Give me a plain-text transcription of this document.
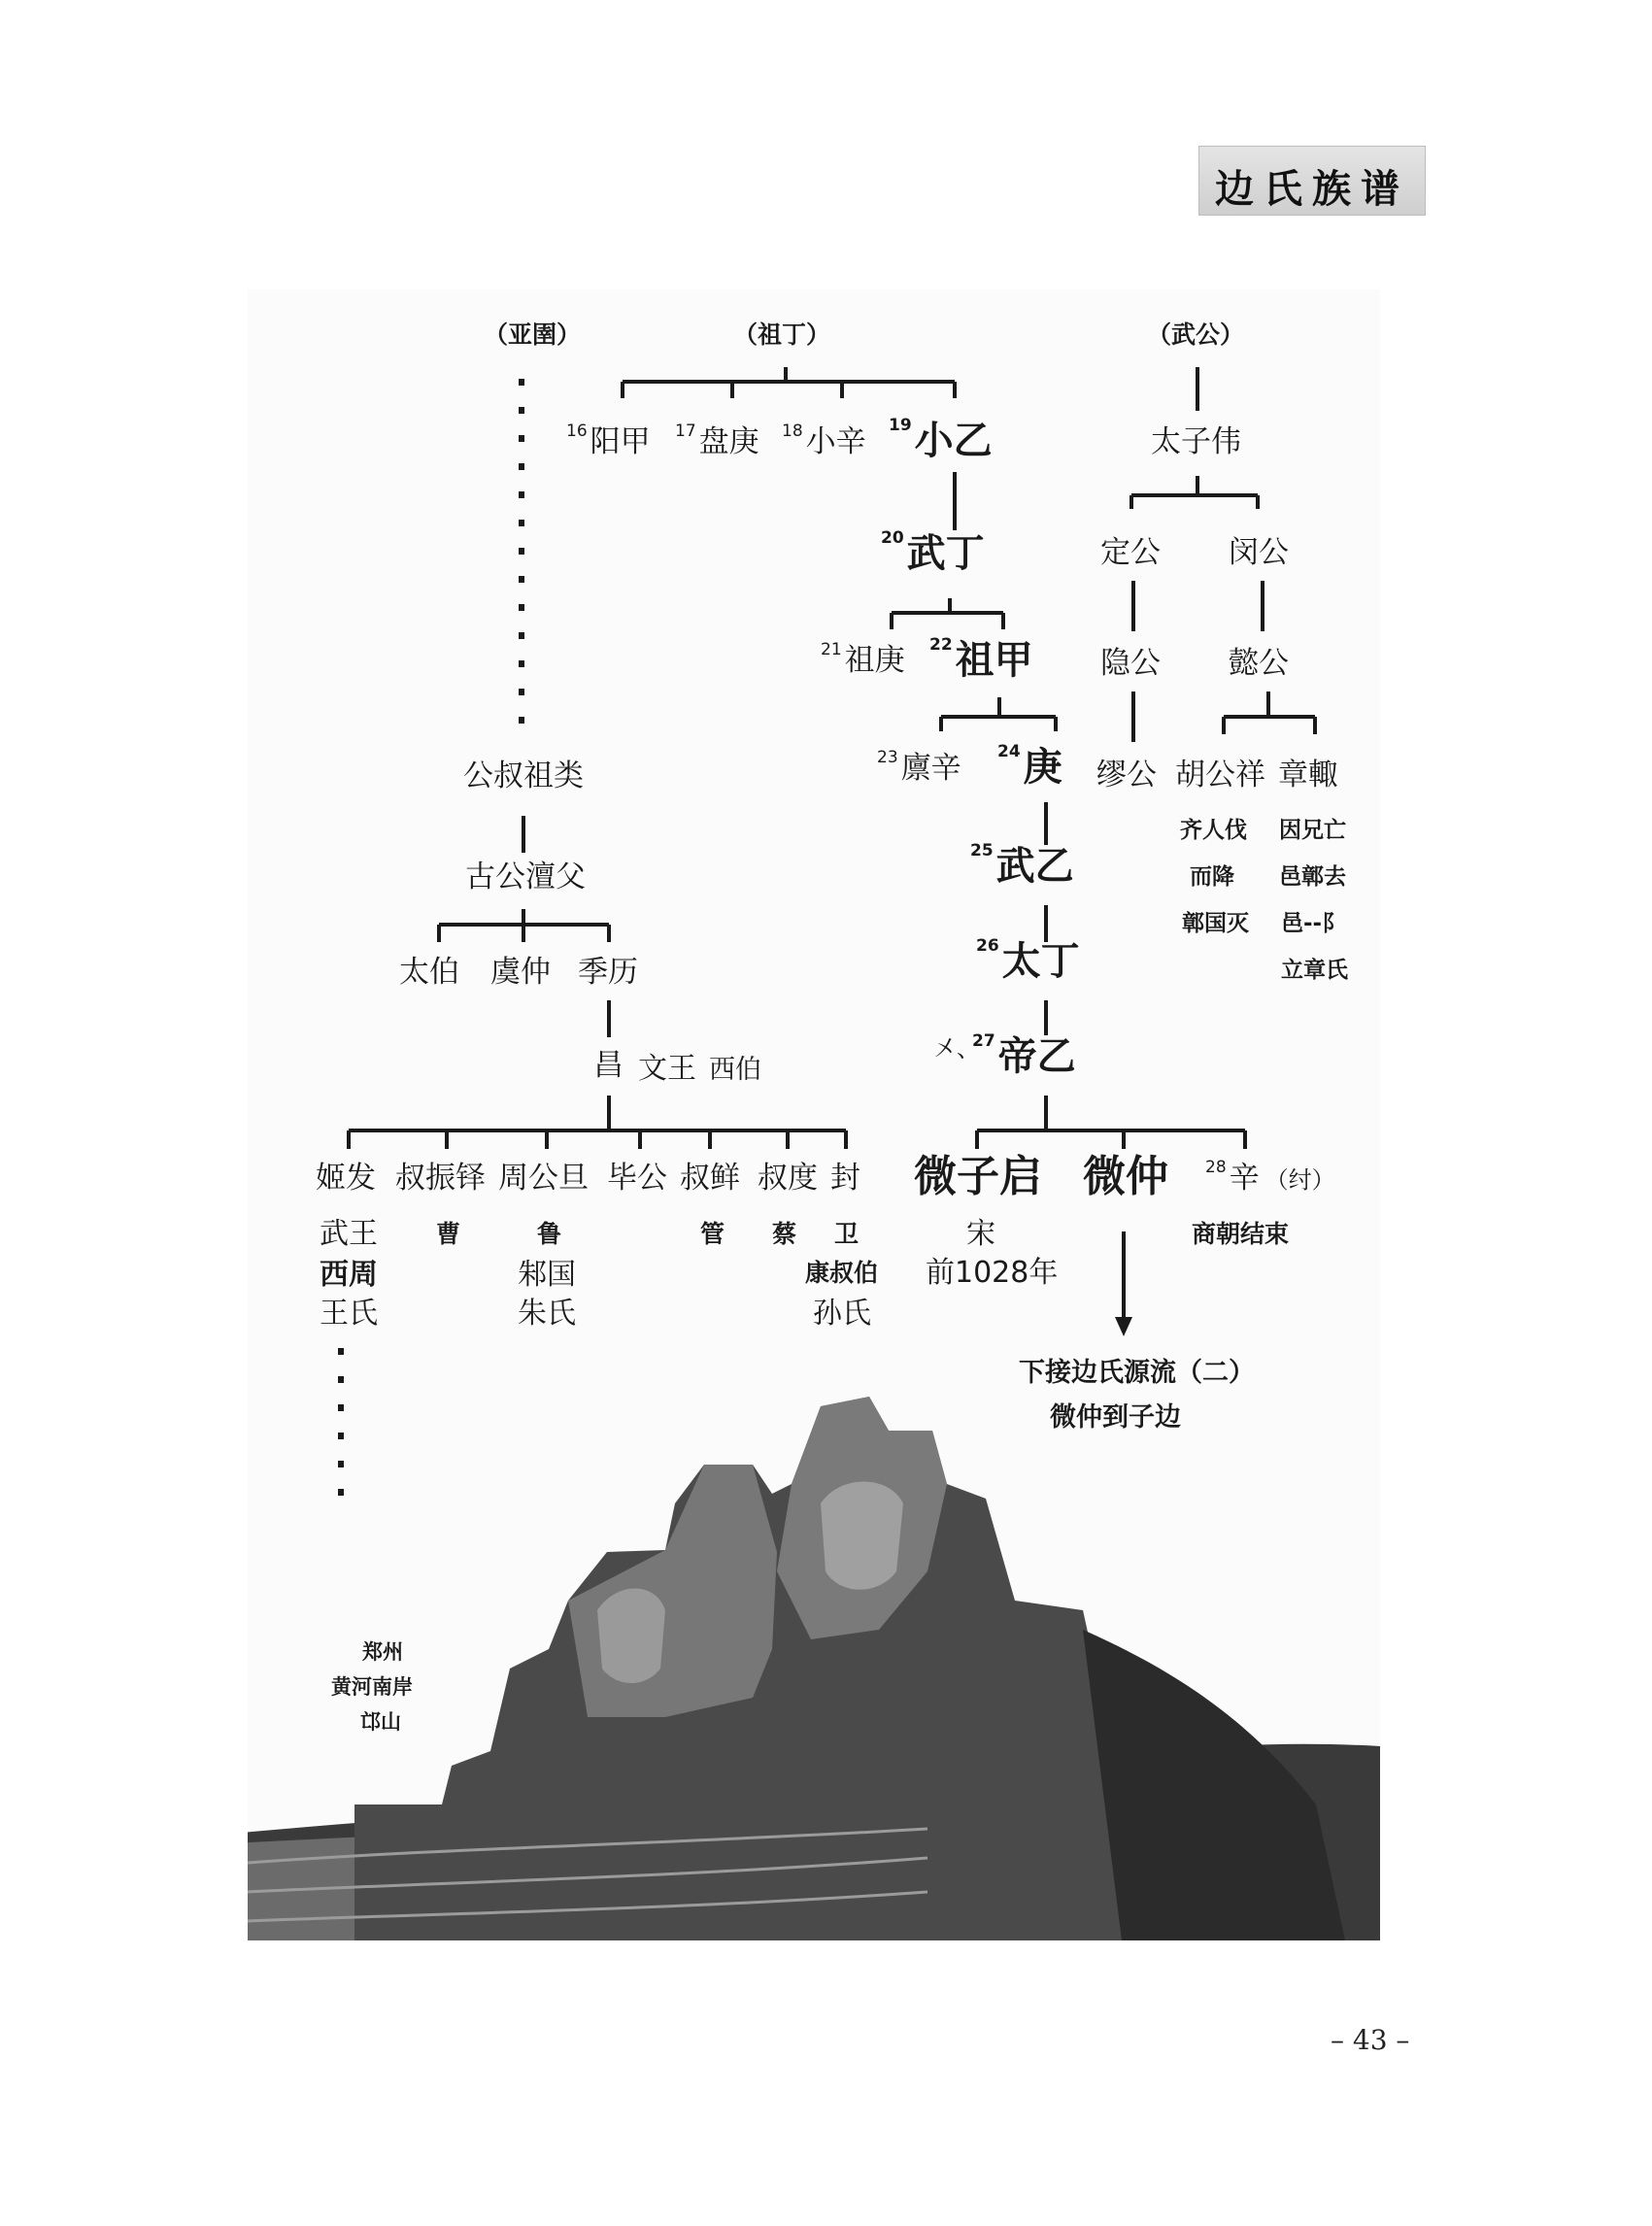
边氏族谱
（亚圉）	（祖丁）	（武公）
$^{16}$阳甲 $^{17}$盘庚 $^{18}$小辛 $^{19}$小乙
$^{20}$武丁
$^{21}$祖庚 $^{22}$祖甲
$^{23}$廪辛 $^{24}$庚
$^{25}$武乙
$^{26}$太丁
㐅、
$^{27}$帝乙
太子伟
定公 闵公
隐公 懿公
缪公 胡公祥 章輙
齐人伐
而降
鄣国灭
因兄亡
邑鄣去
邑--阝
立章氏
公叔祖类
古公澶父
太伯 虞仲 季历
昌 文王 西伯
姬发 叔振铎 周公旦 毕公 叔鲜 叔度 封
武王
西周
王氏
曹	鲁
邾国
朱氏
管 蔡 卫
康叔伯
孙氏
微子启 微仲 $^{28}$辛 （纣）
宋
前1028年
商朝结束
下接边氏源流（二）
微仲到子边
郑州
黄河南岸
邙山
– 43 –
